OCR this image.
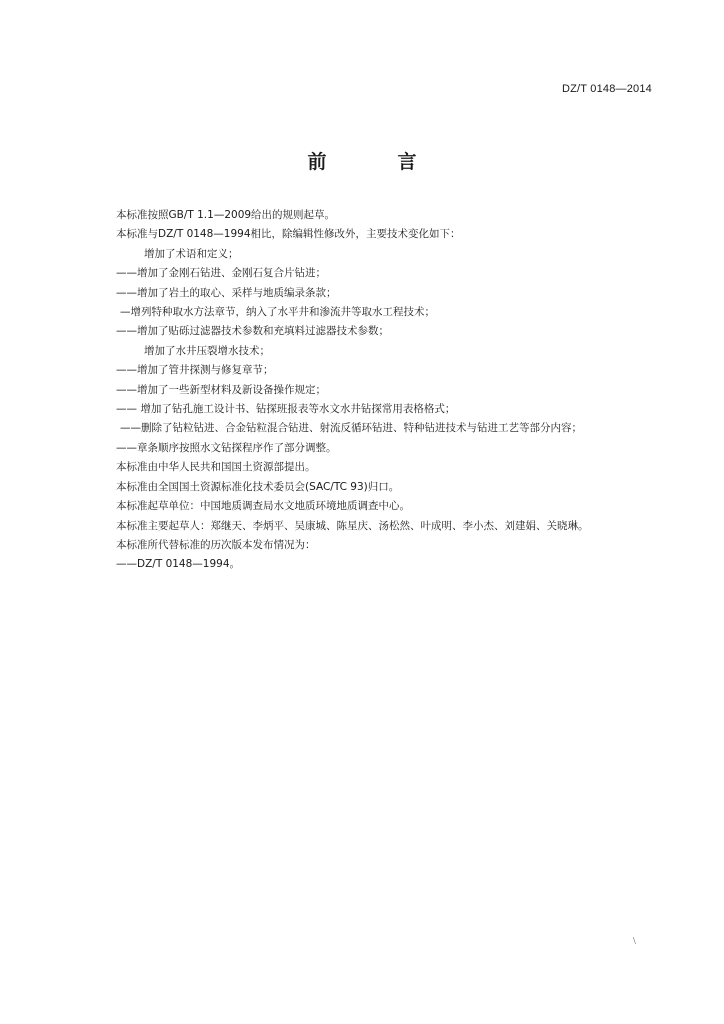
DZ/T 0148—2014
前　言
本标准按照GB/T 1.1—2009给出的规则起草。
本标准与DZ/T 0148—1994相比，除编辑性修改外，主要技术变化如下：
增加了术语和定义；
——增加了金刚石钻进、金刚石复合片钻进；
——增加了岩土的取心、采样与地质编录条款；
—增列特种取水方法章节，纳入了水平井和渗流井等取水工程技术；
——增加了贴砾过滤器技术参数和充填料过滤器技术参数；
增加了水井压裂增水技术；
——增加了管井探测与修复章节；
——增加了一些新型材料及新设备操作规定；
—— 增加了钻孔施工设计书、钻探班报表等水文水井钻探常用表格格式；
——删除了钻粒钻进、合金钻粒混合钻进、射流反循环钻进、特种钻进技术与钻进工艺等部分内容；
——章条顺序按照水文钻探程序作了部分调整。
本标准由中华人民共和国国土资源部提出。
本标准由全国国土资源标准化技术委员会(SAC/TC 93)归口。
本标准起草单位：中国地质调查局水文地质环境地质调查中心。
本标准主要起草人：郑继天、李炳平、吴康城、陈星庆、汤松然、叶成明、李小杰、刘建娟、关晓琳。
本标准所代替标准的历次版本发布情况为：
——DZ/T 0148—1994。
\
